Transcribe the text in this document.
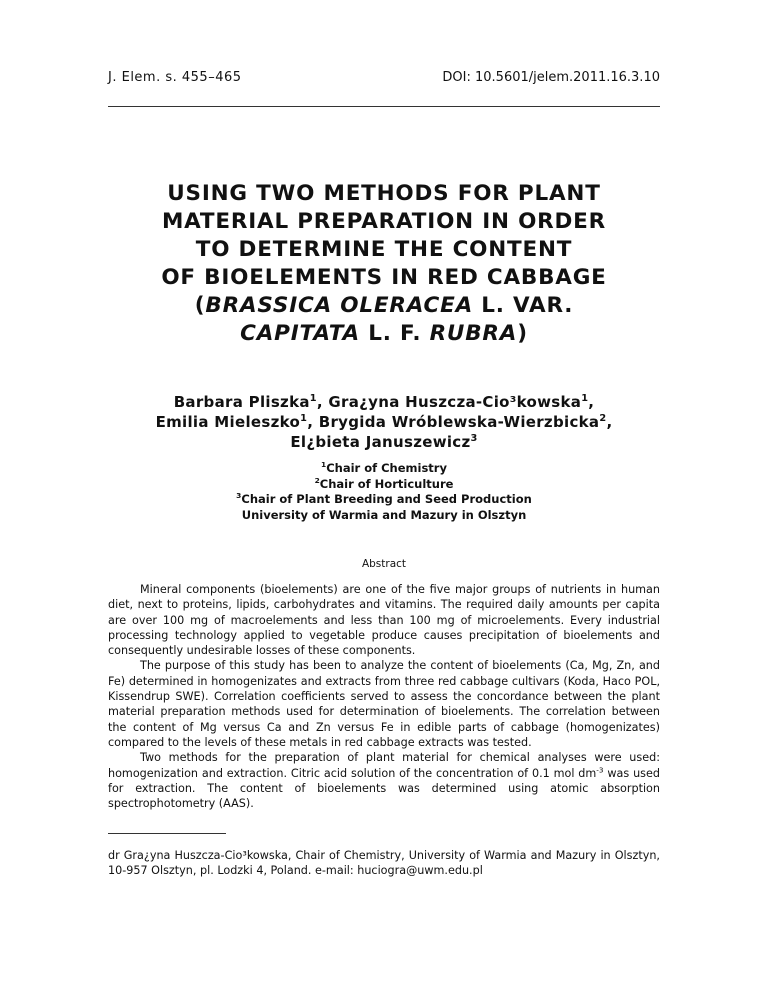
J. Elem. s. 455–465	DOI: 10.5601/jelem.2011.16.3.10
USING TWO METHODS FOR PLANT
MATERIAL PREPARATION IN ORDER
TO DETERMINE THE CONTENT
OF BIOELEMENTS IN RED CABBAGE
(BRASSICA OLERACEA L. VAR.
CAPITATA L. F. RUBRA)
Barbara Pliszka$^1$, Gra¿yna Huszcza-Cio³kowska$^1$,
Emilia Mieleszko$^1$, Brygida Wróblewska-Wierzbicka$^2$,
El¿bieta Januszewicz$^3$
$^1$Chair of Chemistry
$^2$Chair of Horticulture
$^3$Chair of Plant Breeding and Seed Production
University of Warmia and Mazury in Olsztyn
Abstract

Mineral components (bioelements) are one of the five major groups of nutrients in human diet, next to proteins, lipids, carbohydrates and vitamins. The required daily amounts per capita are over 100 mg of macroelements and less than 100 mg of microelements. Every industrial processing technology applied to vegetable produce causes precipitation of bioelements and consequently undesirable losses of these components.

The purpose of this study has been to analyze the content of bioelements (Ca, Mg, Zn, and Fe) determined in homogenizates and extracts from three red cabbage cultivars (Koda, Haco POL, Kissendrup SWE). Correlation coefficients served to assess the concordance between the plant material preparation methods used for determination of bioelements. The correlation between the content of Mg versus Ca and Zn versus Fe in edible parts of cabbage (homogenizates) compared to the levels of these metals in red cabbage extracts was tested.

Two methods for the preparation of plant material for chemical analyses were used: homogenization and extraction. Citric acid solution of the concentration of 0.1 mol $dm^{-3}$ was used for extraction. The content of bioelements was determined using atomic absorption spectrophotometry (AAS).

dr Gra¿yna Huszcza-Cio³kowska, Chair of Chemistry, University of Warmia and Mazury in Olsztyn, 10-957 Olsztyn, pl. Lodzki 4, Poland. e-mail: huciogra@uwm.edu.pl
